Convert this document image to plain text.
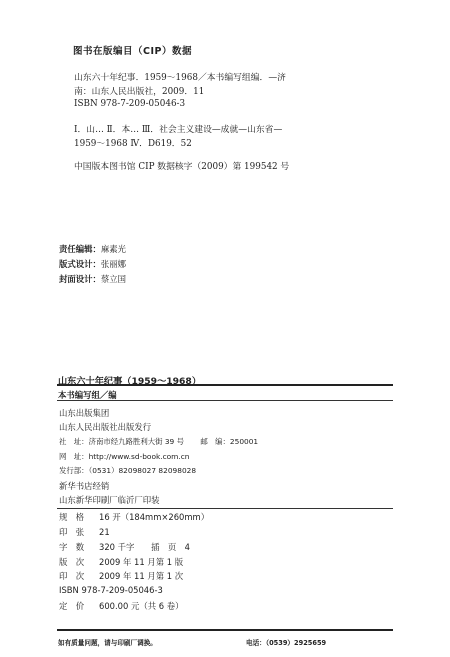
图书在版编目（CIP）数据
山东六十年纪事．1959～1968／本书编写组编．—济
南：山东人民出版社，2009．11
ISBN 978-7-209-05046-3
Ⅰ．山… Ⅱ．本… Ⅲ．社会主义建设—成就—山东省—
1959～1968 Ⅳ．D619．52
中国版本图书馆 CIP 数据核字（2009）第 199542 号
责任编辑：麻素光
版式设计：张丽娜
封面设计：蔡立国
山东六十年纪事（1959～1968）
本书编写组／编
山东出版集团
山东人民出版社出版发行
社　址：济南市经九路胜利大街 39 号 邮　编：250001
网　址：http://www.sd-book.com.cn
发行部：（0531）82098027 82098028
新华书店经销
山东新华印刷厂临沂厂印装
规　格 16 开（184mm×260mm）
印　张 21
字　数 320 千字　　插　页　4
版　次 2009 年 11 月第 1 版
印　次 2009 年 11 月第 1 次
ISBN 978-7-209-05046-3
定　价 600.00 元（共 6 卷）
如有质量问题，请与印刷厂调换。	电话：（0539）2925659
